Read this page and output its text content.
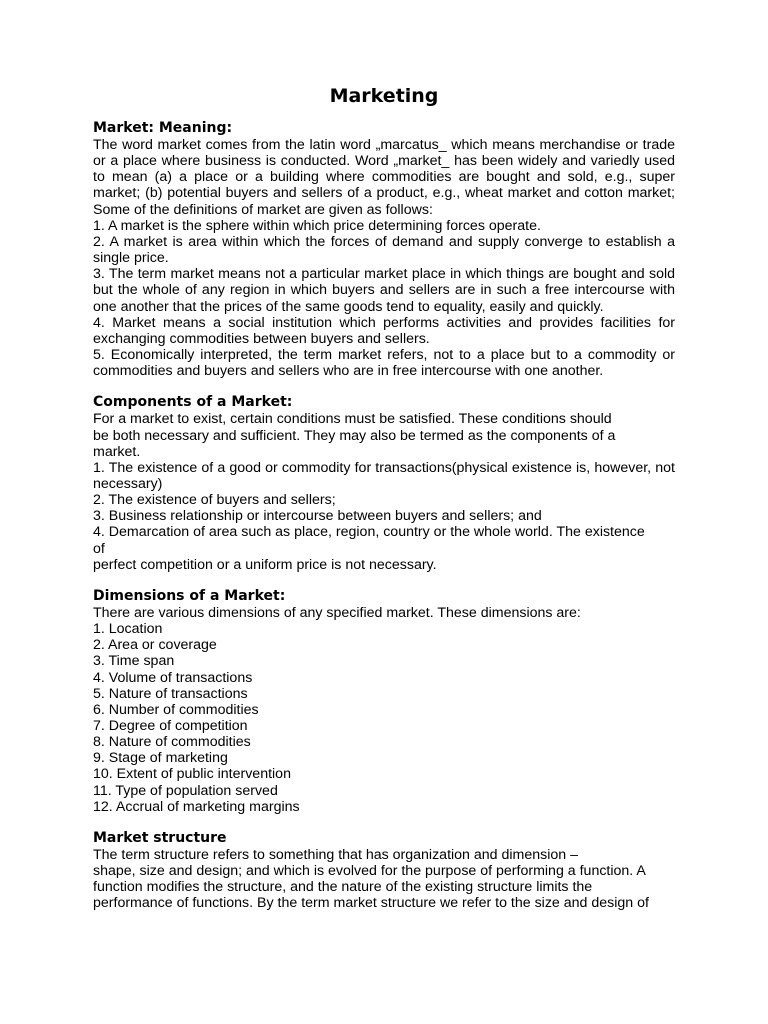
Marketing
Market: Meaning:

The word market comes from the latin word „marcatus_ which means merchandise or trade or a place where business is conducted. Word „market_ has been widely and variedly used to mean (a) a place or a building where commodities are bought and sold, e.g., super market; (b) potential buyers and sellers of a product, e.g., wheat market and cotton market; Some of the definitions of market are given as follows:

1. A market is the sphere within which price determining forces operate.

2. A market is area within which the forces of demand and supply converge to establish a single price.

3. The term market means not a particular market place in which things are bought and sold but the whole of any region in which buyers and sellers are in such a free intercourse with one another that the prices of the same goods tend to equality, easily and quickly.

4. Market means a social institution which performs activities and provides facilities for exchanging commodities between buyers and sellers.

5. Economically interpreted, the term market refers, not to a place but to a commodity or commodities and buyers and sellers who are in free intercourse with one another.

Components of a Market:
For a market to exist, certain conditions must be satisfied. These conditions should
be both necessary and sufficient. They may also be termed as the components of a
market.

1. The existence of a good or commodity for transactions(physical existence is, however, not necessary)

2. The existence of buyers and sellers;

3. Business relationship or intercourse between buyers and sellers; and

4. Demarcation of area such as place, region, country or the whole world. The existence
of
perfect competition or a uniform price is not necessary.
Dimensions of a Market:
There are various dimensions of any specified market. These dimensions are:
1. Location
2. Area or coverage
3. Time span
4. Volume of transactions
5. Nature of transactions
6. Number of commodities
7. Degree of competition
8. Nature of commodities
9. Stage of marketing
10. Extent of public intervention
11. Type of population served
12. Accrual of marketing margins
Market structure
The term structure refers to something that has organization and dimension –
shape, size and design; and which is evolved for the purpose of performing a function. A
function modifies the structure, and the nature of the existing structure limits the
performance of functions. By the term market structure we refer to the size and design of
